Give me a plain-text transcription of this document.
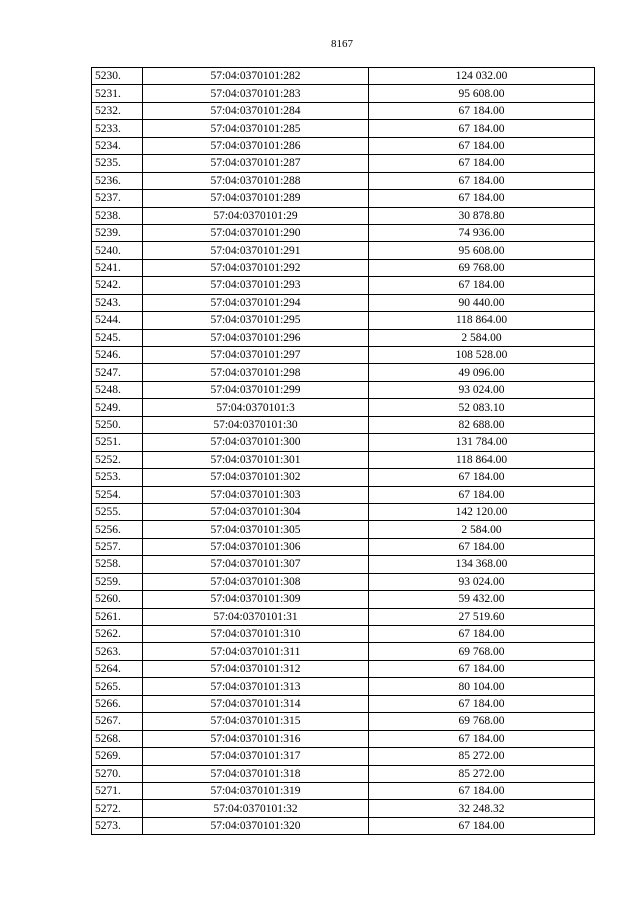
8167
5230.	57:04:0370101:282	124 032.00
5231.	57:04:0370101:283	95 608.00
5232.	57:04:0370101:284	67 184.00
5233.	57:04:0370101:285	67 184.00
5234.	57:04:0370101:286	67 184.00
5235.	57:04:0370101:287	67 184.00
5236.	57:04:0370101:288	67 184.00
5237.	57:04:0370101:289	67 184.00
5238.	57:04:0370101:29	30 878.80
5239.	57:04:0370101:290	74 936.00
5240.	57:04:0370101:291	95 608.00
5241.	57:04:0370101:292	69 768.00
5242.	57:04:0370101:293	67 184.00
5243.	57:04:0370101:294	90 440.00
5244.	57:04:0370101:295	118 864.00
5245.	57:04:0370101:296	2 584.00
5246.	57:04:0370101:297	108 528.00
5247.	57:04:0370101:298	49 096.00
5248.	57:04:0370101:299	93 024.00
5249.	57:04:0370101:3	52 083.10
5250.	57:04:0370101:30	82 688.00
5251.	57:04:0370101:300	131 784.00
5252.	57:04:0370101:301	118 864.00
5253.	57:04:0370101:302	67 184.00
5254.	57:04:0370101:303	67 184.00
5255.	57:04:0370101:304	142 120.00
5256.	57:04:0370101:305	2 584.00
5257.	57:04:0370101:306	67 184.00
5258.	57:04:0370101:307	134 368.00
5259.	57:04:0370101:308	93 024.00
5260.	57:04:0370101:309	59 432.00
5261.	57:04:0370101:31	27 519.60
5262.	57:04:0370101:310	67 184.00
5263.	57:04:0370101:311	69 768.00
5264.	57:04:0370101:312	67 184.00
5265.	57:04:0370101:313	80 104.00
5266.	57:04:0370101:314	67 184.00
5267.	57:04:0370101:315	69 768.00
5268.	57:04:0370101:316	67 184.00
5269.	57:04:0370101:317	85 272.00
5270.	57:04:0370101:318	85 272.00
5271.	57:04:0370101:319	67 184.00
5272.	57:04:0370101:32	32 248.32
5273.	57:04:0370101:320	67 184.00
